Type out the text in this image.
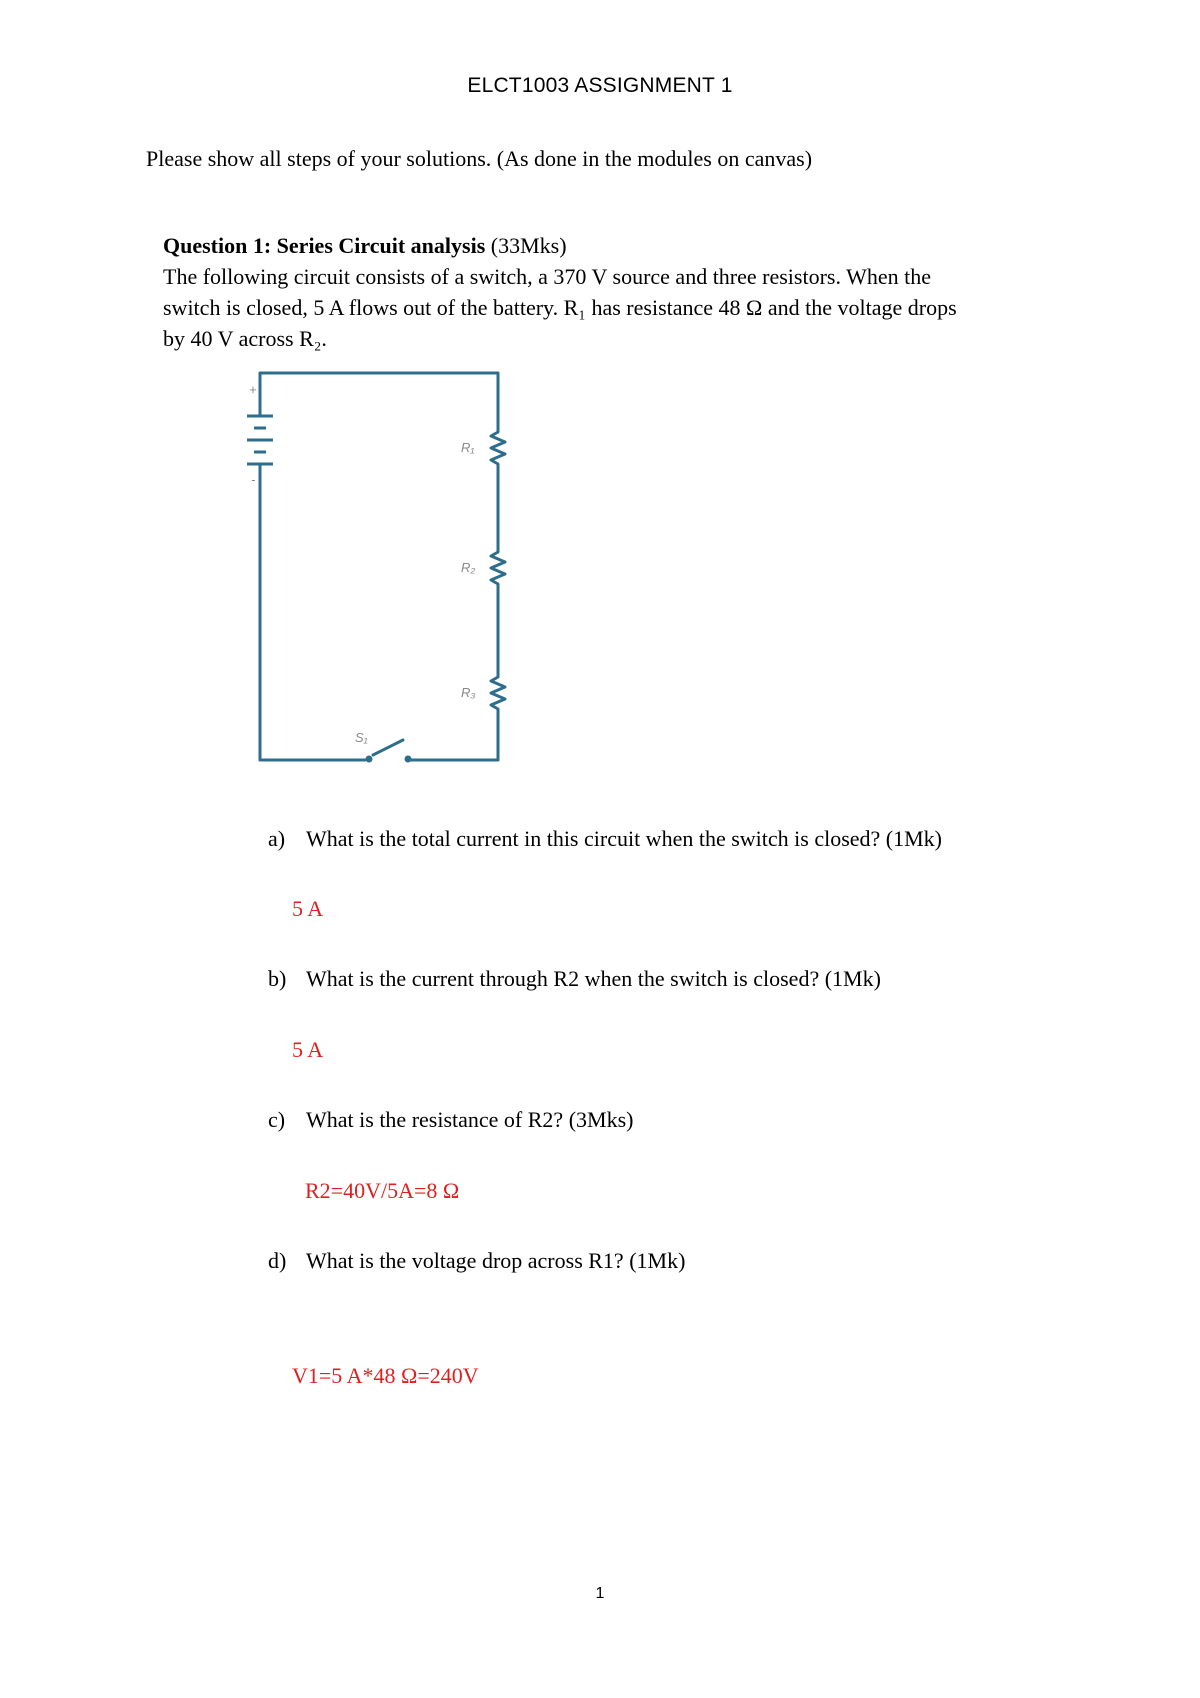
ELCT1003 ASSIGNMENT 1
Please show all steps of your solutions. (As done in the modules on canvas)
Question 1: Series Circuit analysis (33Mks)
The following circuit consists of a switch, a 370 V source and three resistors. When the
switch is closed, 5 A flows out of the battery. R₁ has resistance 48 Ω and the voltage drops
by 40 V across R₂.
+
-
R₁
R₂
R₃
S₁
a) What is the total current in this circuit when the switch is closed? (1Mk)
5 A
b) What is the current through R2 when the switch is closed? (1Mk)
5 A
c) What is the resistance of R2? (3Mks)
R2=40V/5A=8 Ω
d) What is the voltage drop across R1? (1Mk)
V1=5 A*48 Ω=240V
1
